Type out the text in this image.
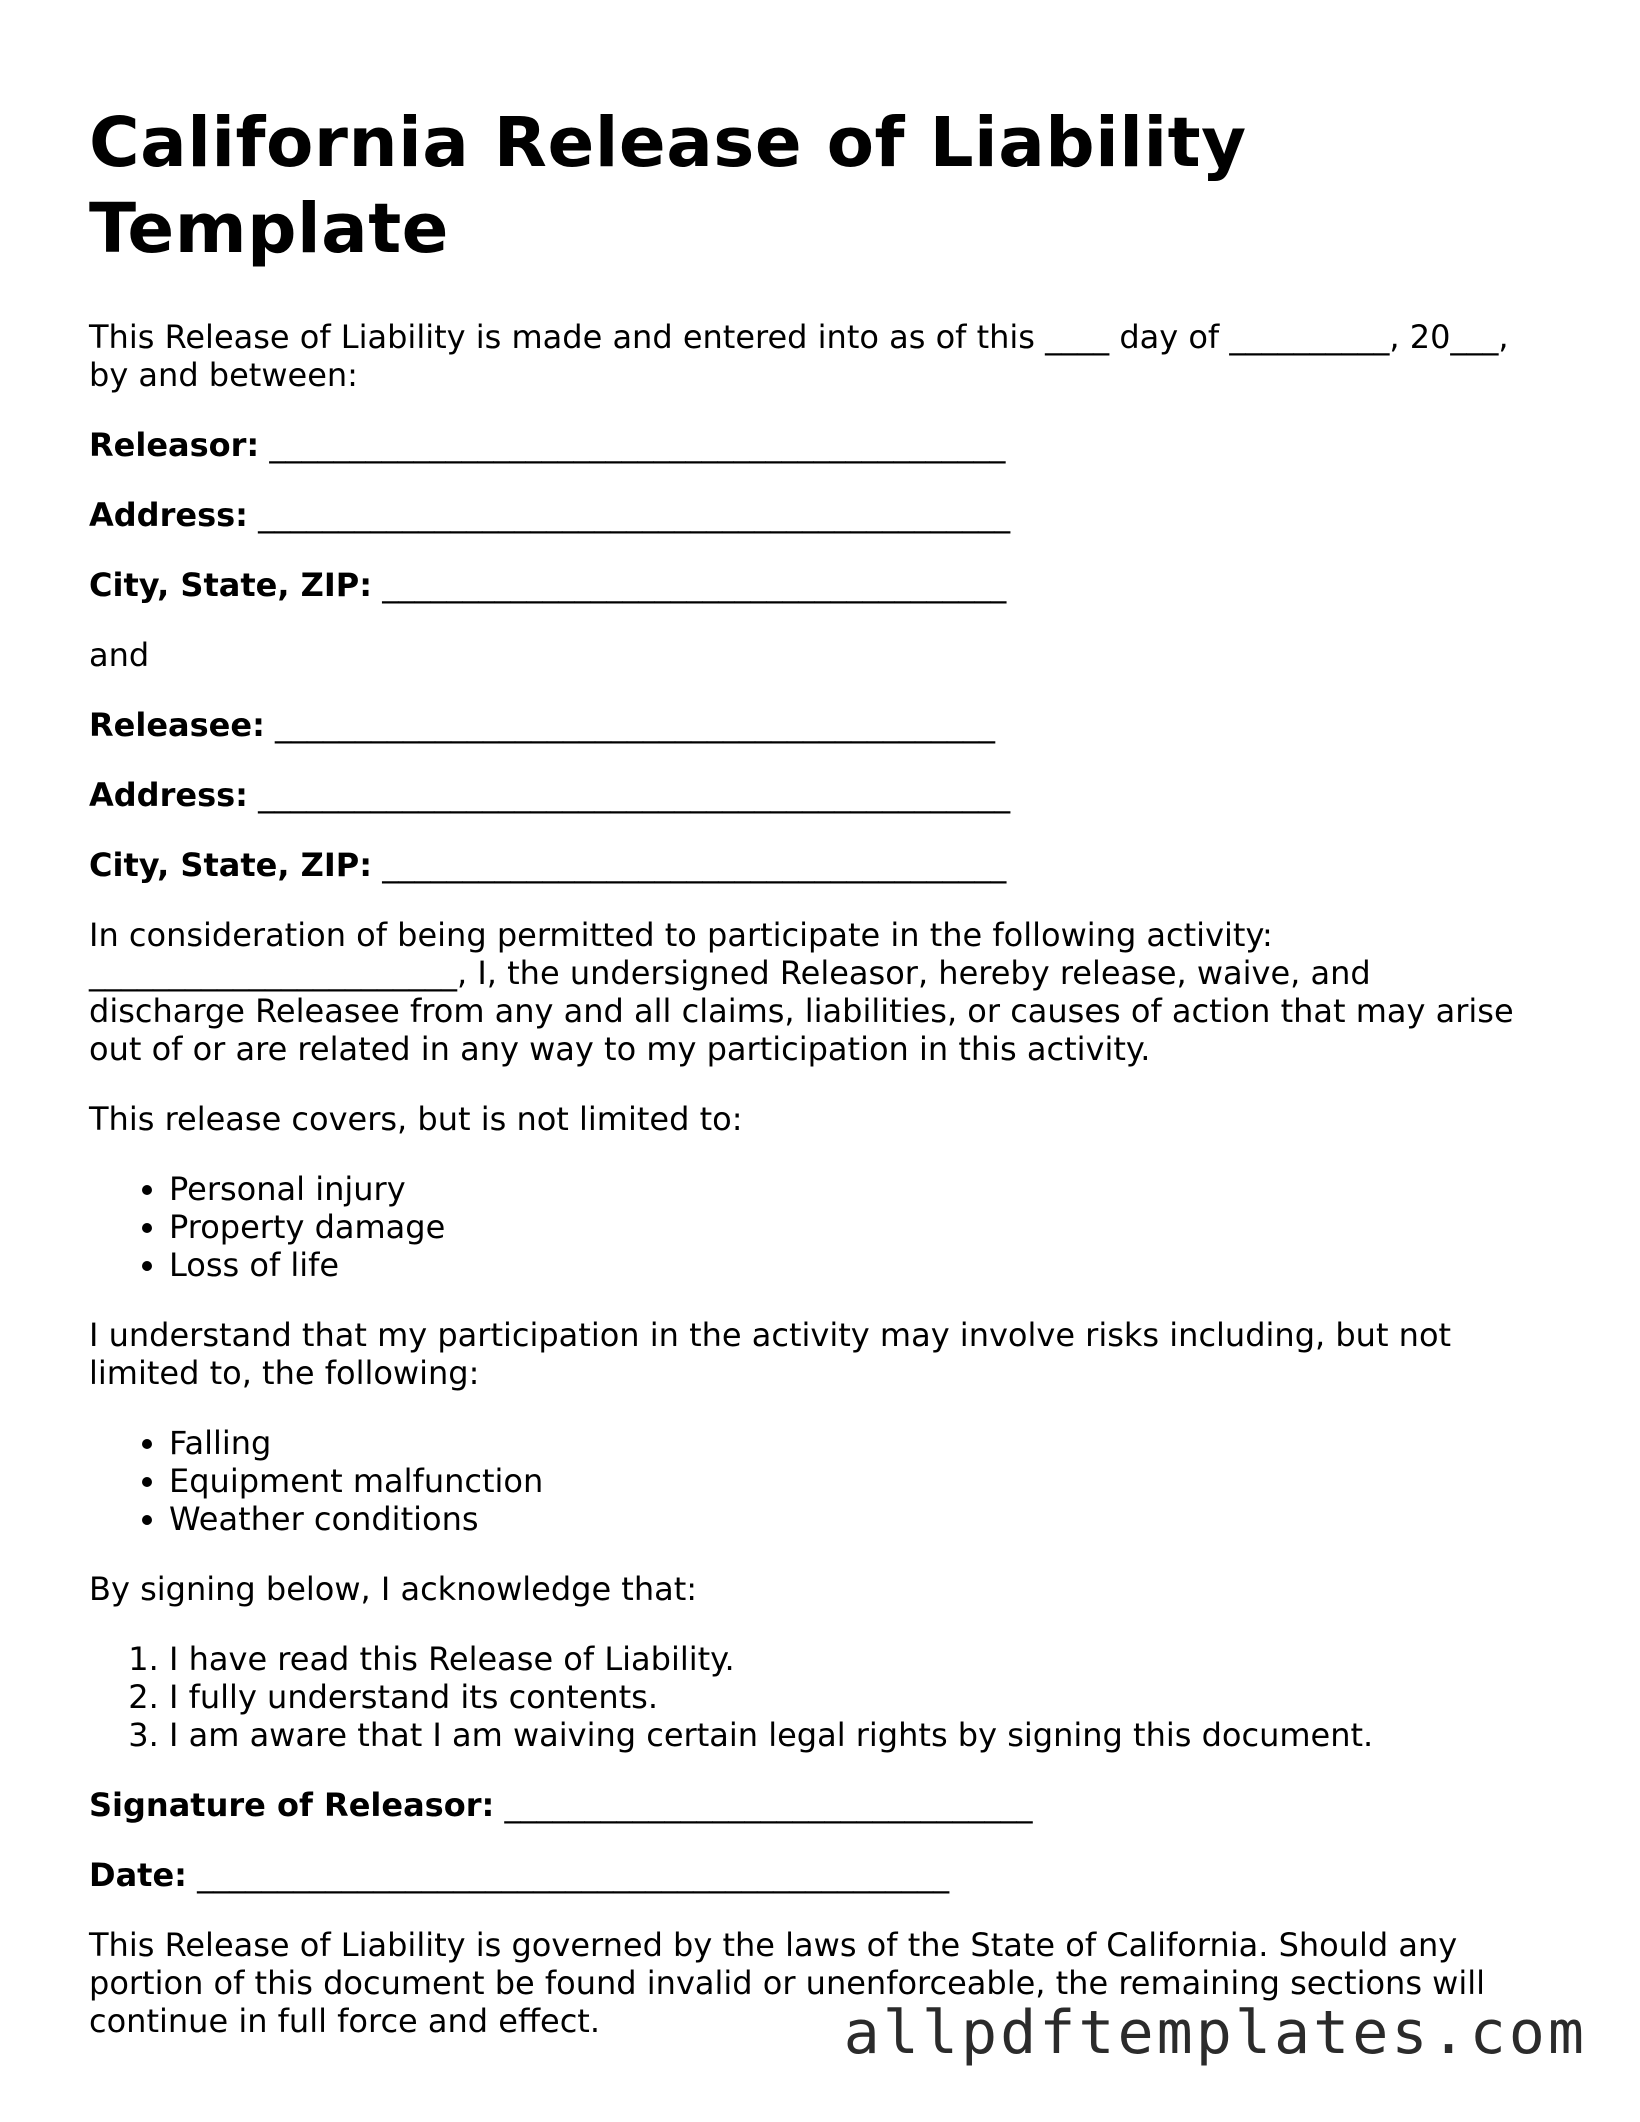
California Release of Liability Template

This Release of Liability is made and entered into as of this ____ day of __________, 20___, by and between:

Releasor: ______________________________________________

Address: _______________________________________________

City, State, ZIP: _______________________________________

and

Releasee: _____________________________________________

Address: _______________________________________________

City, State, ZIP: _______________________________________

In consideration of being permitted to participate in the following activity: _______________________, I, the undersigned Releasor, hereby release, waive, and discharge Releasee from any and all claims, liabilities, or causes of action that may arise out of or are related in any way to my participation in this activity.

This release covers, but is not limited to:

• Personal injury
• Property damage
• Loss of life

I understand that my participation in the activity may involve risks including, but not limited to, the following:

• Falling
• Equipment malfunction
• Weather conditions

By signing below, I acknowledge that:

1. I have read this Release of Liability.
2. I fully understand its contents.
3. I am aware that I am waiving certain legal rights by signing this document.

Signature of Releasor: _________________________________

Date: _______________________________________________

This Release of Liability is governed by the laws of the State of California. Should any portion of this document be found invalid or unenforceable, the remaining sections will continue in full force and effect.	allpdftemplates.com
